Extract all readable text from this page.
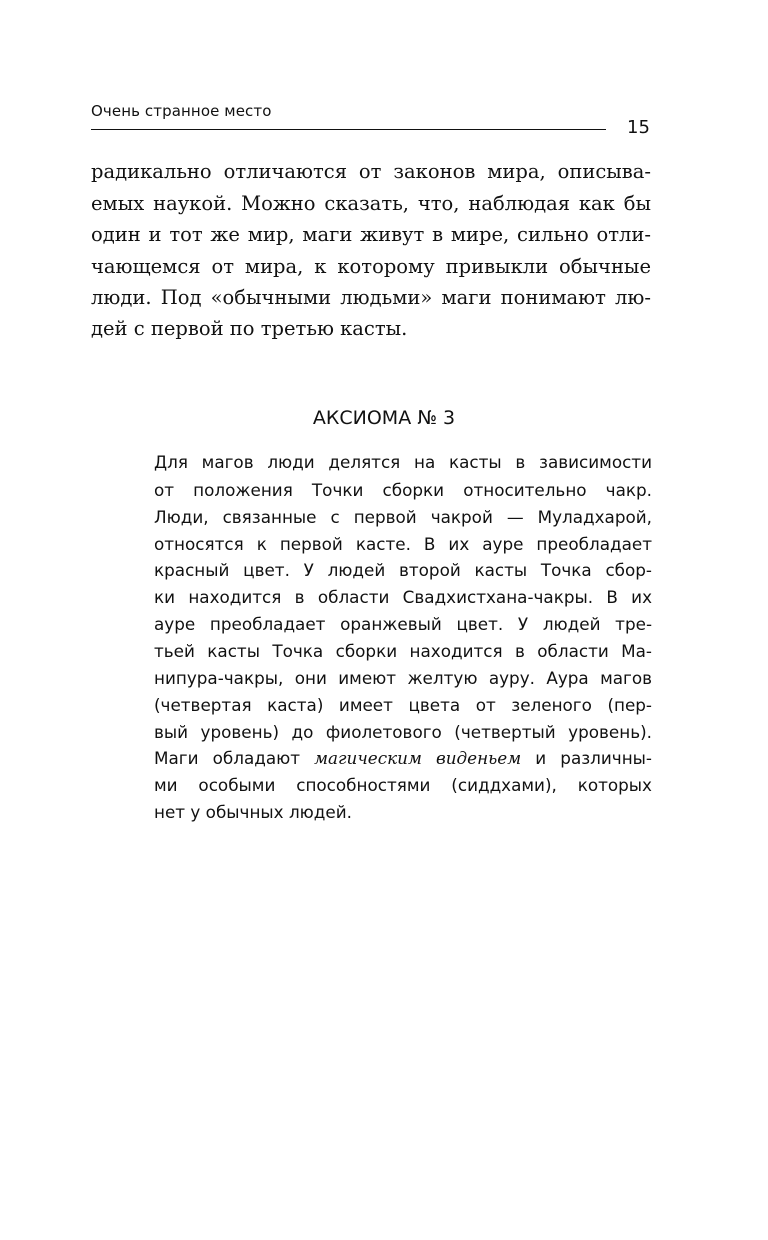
Очень странное место
15
радикально отличаются от законов мира, описыва-
емых наукой. Можно сказать, что, наблюдая как бы
один и тот же мир, маги живут в мире, сильно отли-
чающемся от мира, к которому привыкли обычные
люди. Под «обычными людьми» маги понимают лю-
дей с первой по третью касты.
АКСИОМА № 3
Для магов люди делятся на касты в зависимости
от положения Точки сборки относительно чакр.
Люди, связанные с первой чакрой — Муладхарой,
относятся к первой касте. В их ауре преобладает
красный цвет. У людей второй касты Точка сбор-
ки находится в области Свадхистхана-чакры. В их
ауре преобладает оранжевый цвет. У людей тре-
тьей касты Точка сборки находится в области Ма-
нипура-чакры, они имеют желтую ауру. Аура магов
(четвертая каста) имеет цвета от зеленого (пер-
вый уровень) до фиолетового (четвертый уровень).
Маги обладают магическим виденьем и различны-
ми особыми способностями (сиддхами), которых
нет у обычных людей.
